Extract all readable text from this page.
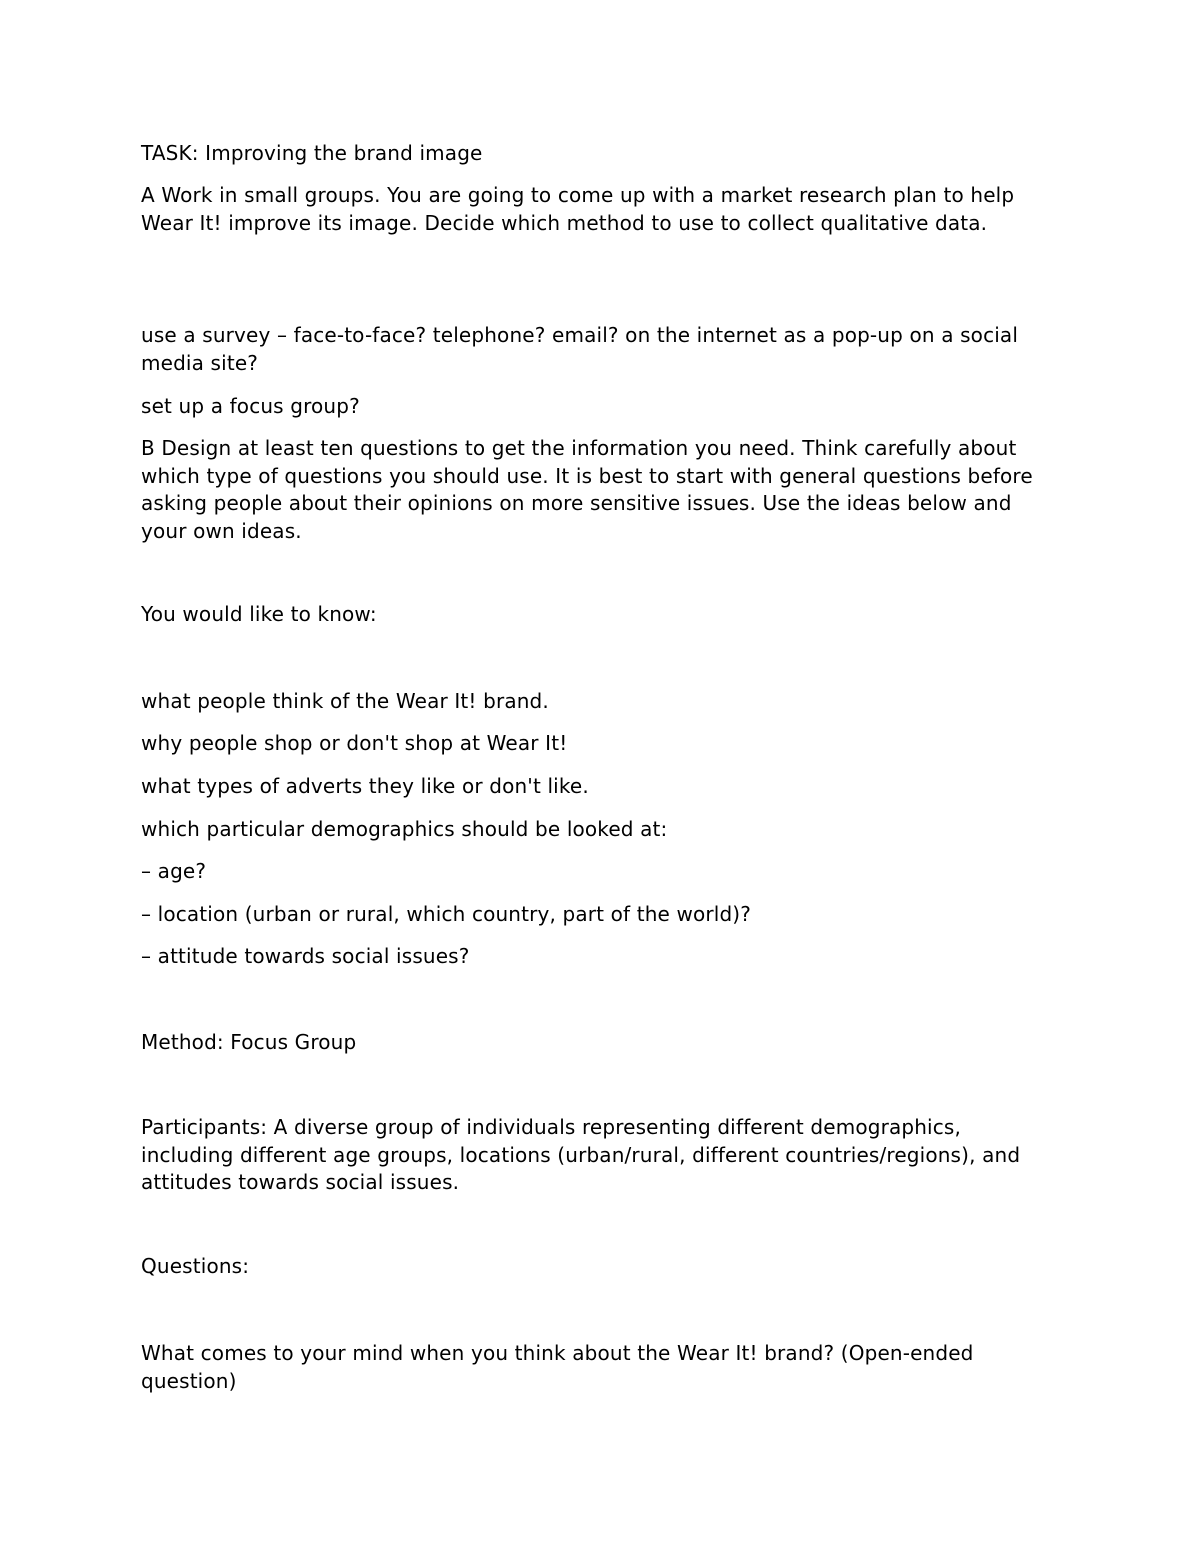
TASK: Improving the brand image

A Work in small groups. You are going to come up with a market research plan to help Wear It! improve its image. Decide which method to use to collect qualitative data.

use a survey – face-to-face? telephone? email? on the internet as a pop-up on a social media site?

set up a focus group?

B Design at least ten questions to get the information you need. Think carefully about which type of questions you should use. It is best to start with general questions before asking people about their opinions on more sensitive issues. Use the ideas below and your own ideas.

You would like to know:

what people think of the Wear It! brand.

why people shop or don't shop at Wear It!

what types of adverts they like or don't like.

which particular demographics should be looked at:

– age?

– location (urban or rural, which country, part of the world)?

– attitude towards social issues?

Method: Focus Group

Participants: A diverse group of individuals representing different demographics, including different age groups, locations (urban/rural, different countries/regions), and attitudes towards social issues.

Questions:

What comes to your mind when you think about the Wear It! brand? (Open-ended question)
